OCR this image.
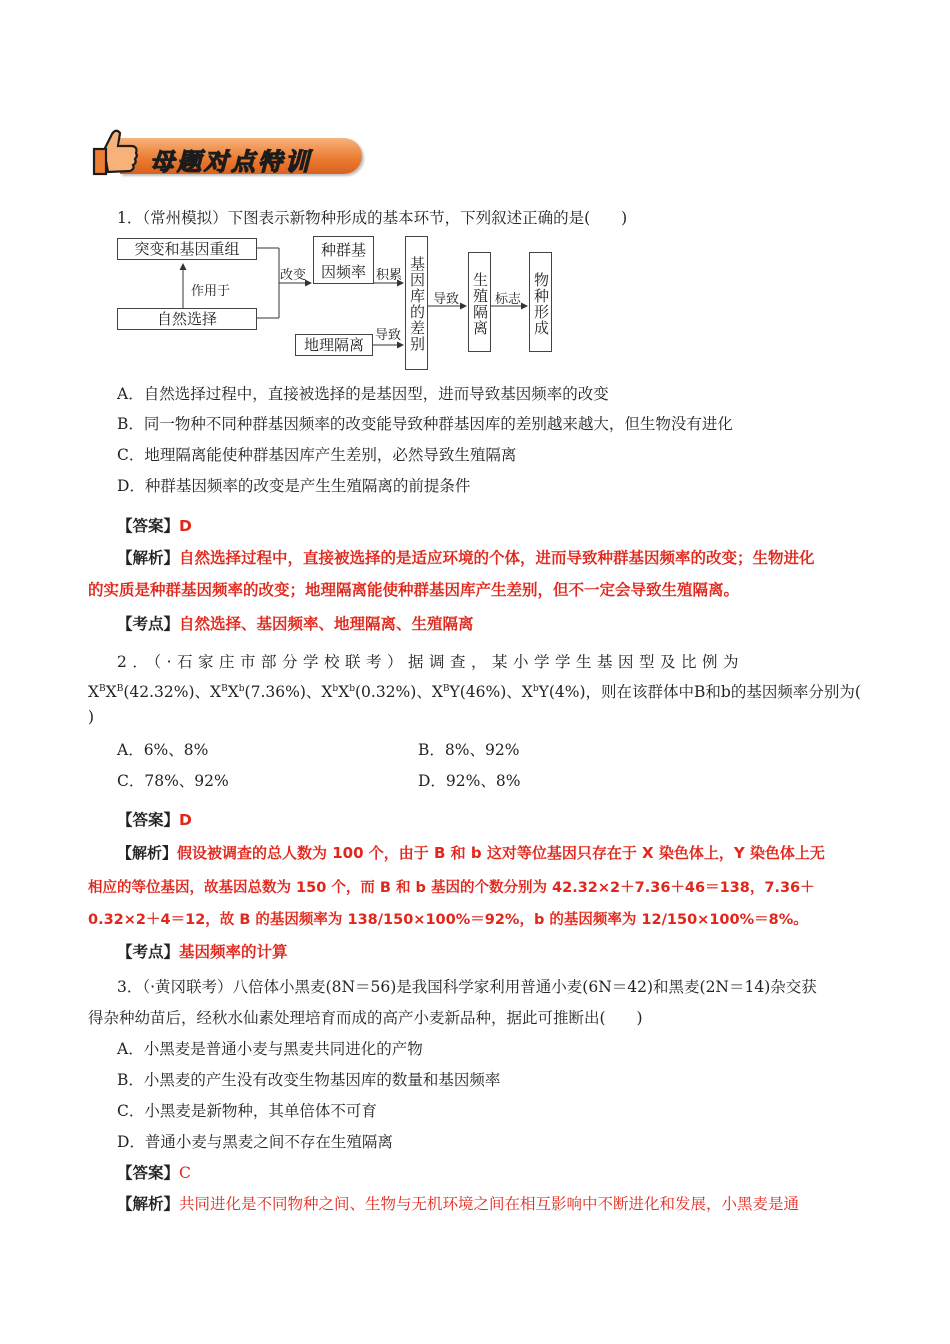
母题对点特训
1．（常州模拟）下图表示新物种形成的基本环节，下列叙述正确的是(　　)
突变和基因重组
作用于
自然选择
改变
种群基
因频率 积累 基因库的差别 导致
地理隔离
导致	生殖隔离 标志 物种形成
A．自然选择过程中，直接被选择的是基因型，进而导致基因频率的改变
B．同一物种不同种群基因频率的改变能导致种群基因库的差别越来越大，但生物没有进化
C．地理隔离能使种群基因库产生差别，必然导致生殖隔离
D．种群基因频率的改变是产生生殖隔离的前提条件
【答案】D
【解析】自然选择过程中，直接被选择的是适应环境的个体，进而导致种群基因频率的改变；生物进化
的实质是种群基因频率的改变；地理隔离能使种群基因库产生差别，但不一定会导致生殖隔离。
【考点】自然选择、基因频率、地理隔离、生殖隔离
2．（·石家庄市部分学校联考）据调查，某小学学生基因型及比例为
$X^BX^B(42.32\%)$、$X^BX^b(7.36\%)$、$X^bX^b(0.32\%)$、$X^BY(46\%)$、$X^bY(4\%)$，则在该群体中B和b的基因频率分别为(
)
A．6%、8%	B．8%、92%
C．78%、92%	D．92%、8%
【答案】D
【解析】假设被调查的总人数为 100 个，由于 B 和 b 这对等位基因只存在于 X 染色体上，Y 染色体上无
相应的等位基因，故基因总数为 150 个，而 B 和 b 基因的个数分别为 42.32×2＋7.36＋46＝138，7.36＋
0.32×2＋4＝12，故 B 的基因频率为 138/150×100%＝92%，b 的基因频率为 12/150×100%＝8%。
【考点】基因频率的计算
3．（·黄冈联考）八倍体小黑麦(8N＝56)是我国科学家利用普通小麦(6N＝42)和黑麦(2N＝14)杂交获
得杂种幼苗后，经秋水仙素处理培育而成的高产小麦新品种，据此可推断出(　　)
A．小黑麦是普通小麦与黑麦共同进化的产物
B．小黑麦的产生没有改变生物基因库的数量和基因频率
C．小黑麦是新物种，其单倍体不可育
D．普通小麦与黑麦之间不存在生殖隔离
【答案】C
【解析】共同进化是不同物种之间、生物与无机环境之间在相互影响中不断进化和发展，小黑麦是通
